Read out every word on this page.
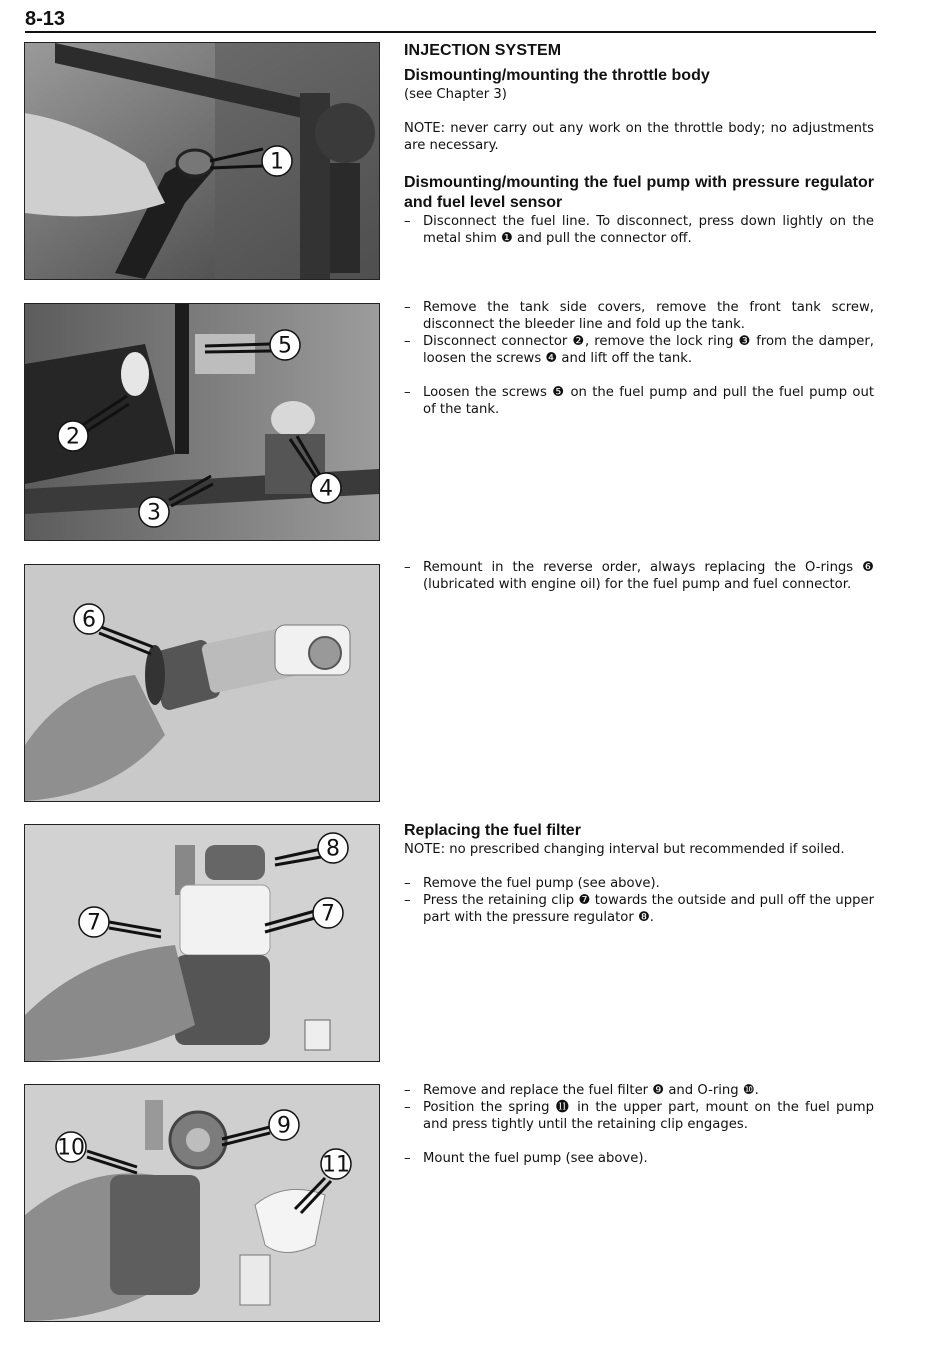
8-13
1
5
2
4
3
6
8
7	7
9
10
11
INJECTION SYSTEM
Dismounting/mounting the throttle body

(see Chapter 3)

NOTE: never carry out any work on the throttle body; no adjustments are necessary.

Dismounting/mounting the fuel pump with pressure regulator and fuel level sensor
– Disconnect the fuel line. To disconnect, press down lightly on the metal shim ❶ and pull the connector off.
– Remove the tank side covers, remove the front tank screw, disconnect the bleeder line and fold up the tank.
– Disconnect connector ❷, remove the lock ring ❸ from the damper, loosen the screws ❹ and lift off the tank.
– Loosen the screws ❺ on the fuel pump and pull the fuel pump out of the tank.
– Remount in the reverse order, always replacing the O-rings ❻ (lubricated with engine oil) for the fuel pump and fuel connector.
Replacing the fuel filter

NOTE: no prescribed changing interval but recommended if soiled.

– Remove the fuel pump (see above).
– Press the retaining clip ❼ towards the outside and pull off the upper part with the pressure regulator ❽.
– Remove and replace the fuel filter ❾ and O-ring ❿.
– Position the spring ⓫ in the upper part, mount on the fuel pump and press tightly until the retaining clip engages.
– Mount the fuel pump (see above).
